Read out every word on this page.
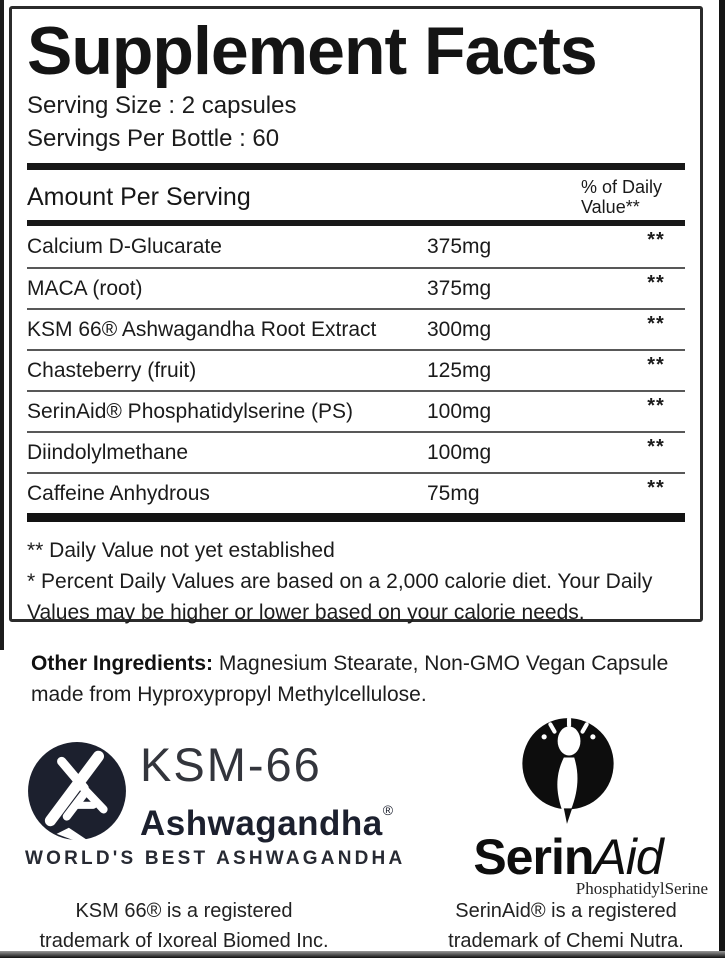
Supplement Facts
Serving Size : 2 capsules
Servings Per Bottle : 60
Amount Per Serving	% of Daily
Value**
Calcium D-Glucarate	375mg	**
MACA (root)	375mg	**
KSM 66® Ashwagandha Root Extract	300mg	**
Chasteberry (fruit)	125mg	**
SerinAid® Phosphatidylserine (PS)	100mg	**
Diindolylmethane	100mg	**
Caffeine Anhydrous	75mg	**
** Daily Value not yet established
* Percent Daily Values are based on a 2,000 calorie diet. Your Daily Values may be higher or lower based on your calorie needs.
Other Ingredients: Magnesium Stearate, Non-GMO Vegan Capsule made from Hyproxypropyl Methylcellulose.
KSM-66
Ashwagandha®
WORLD'S BEST ASHWAGANDHA	SerinAid
PhosphatidylSerine
KSM 66® is a registered
trademark of Ixoreal Biomed Inc.
SerinAid® is a registered
trademark of Chemi Nutra.
